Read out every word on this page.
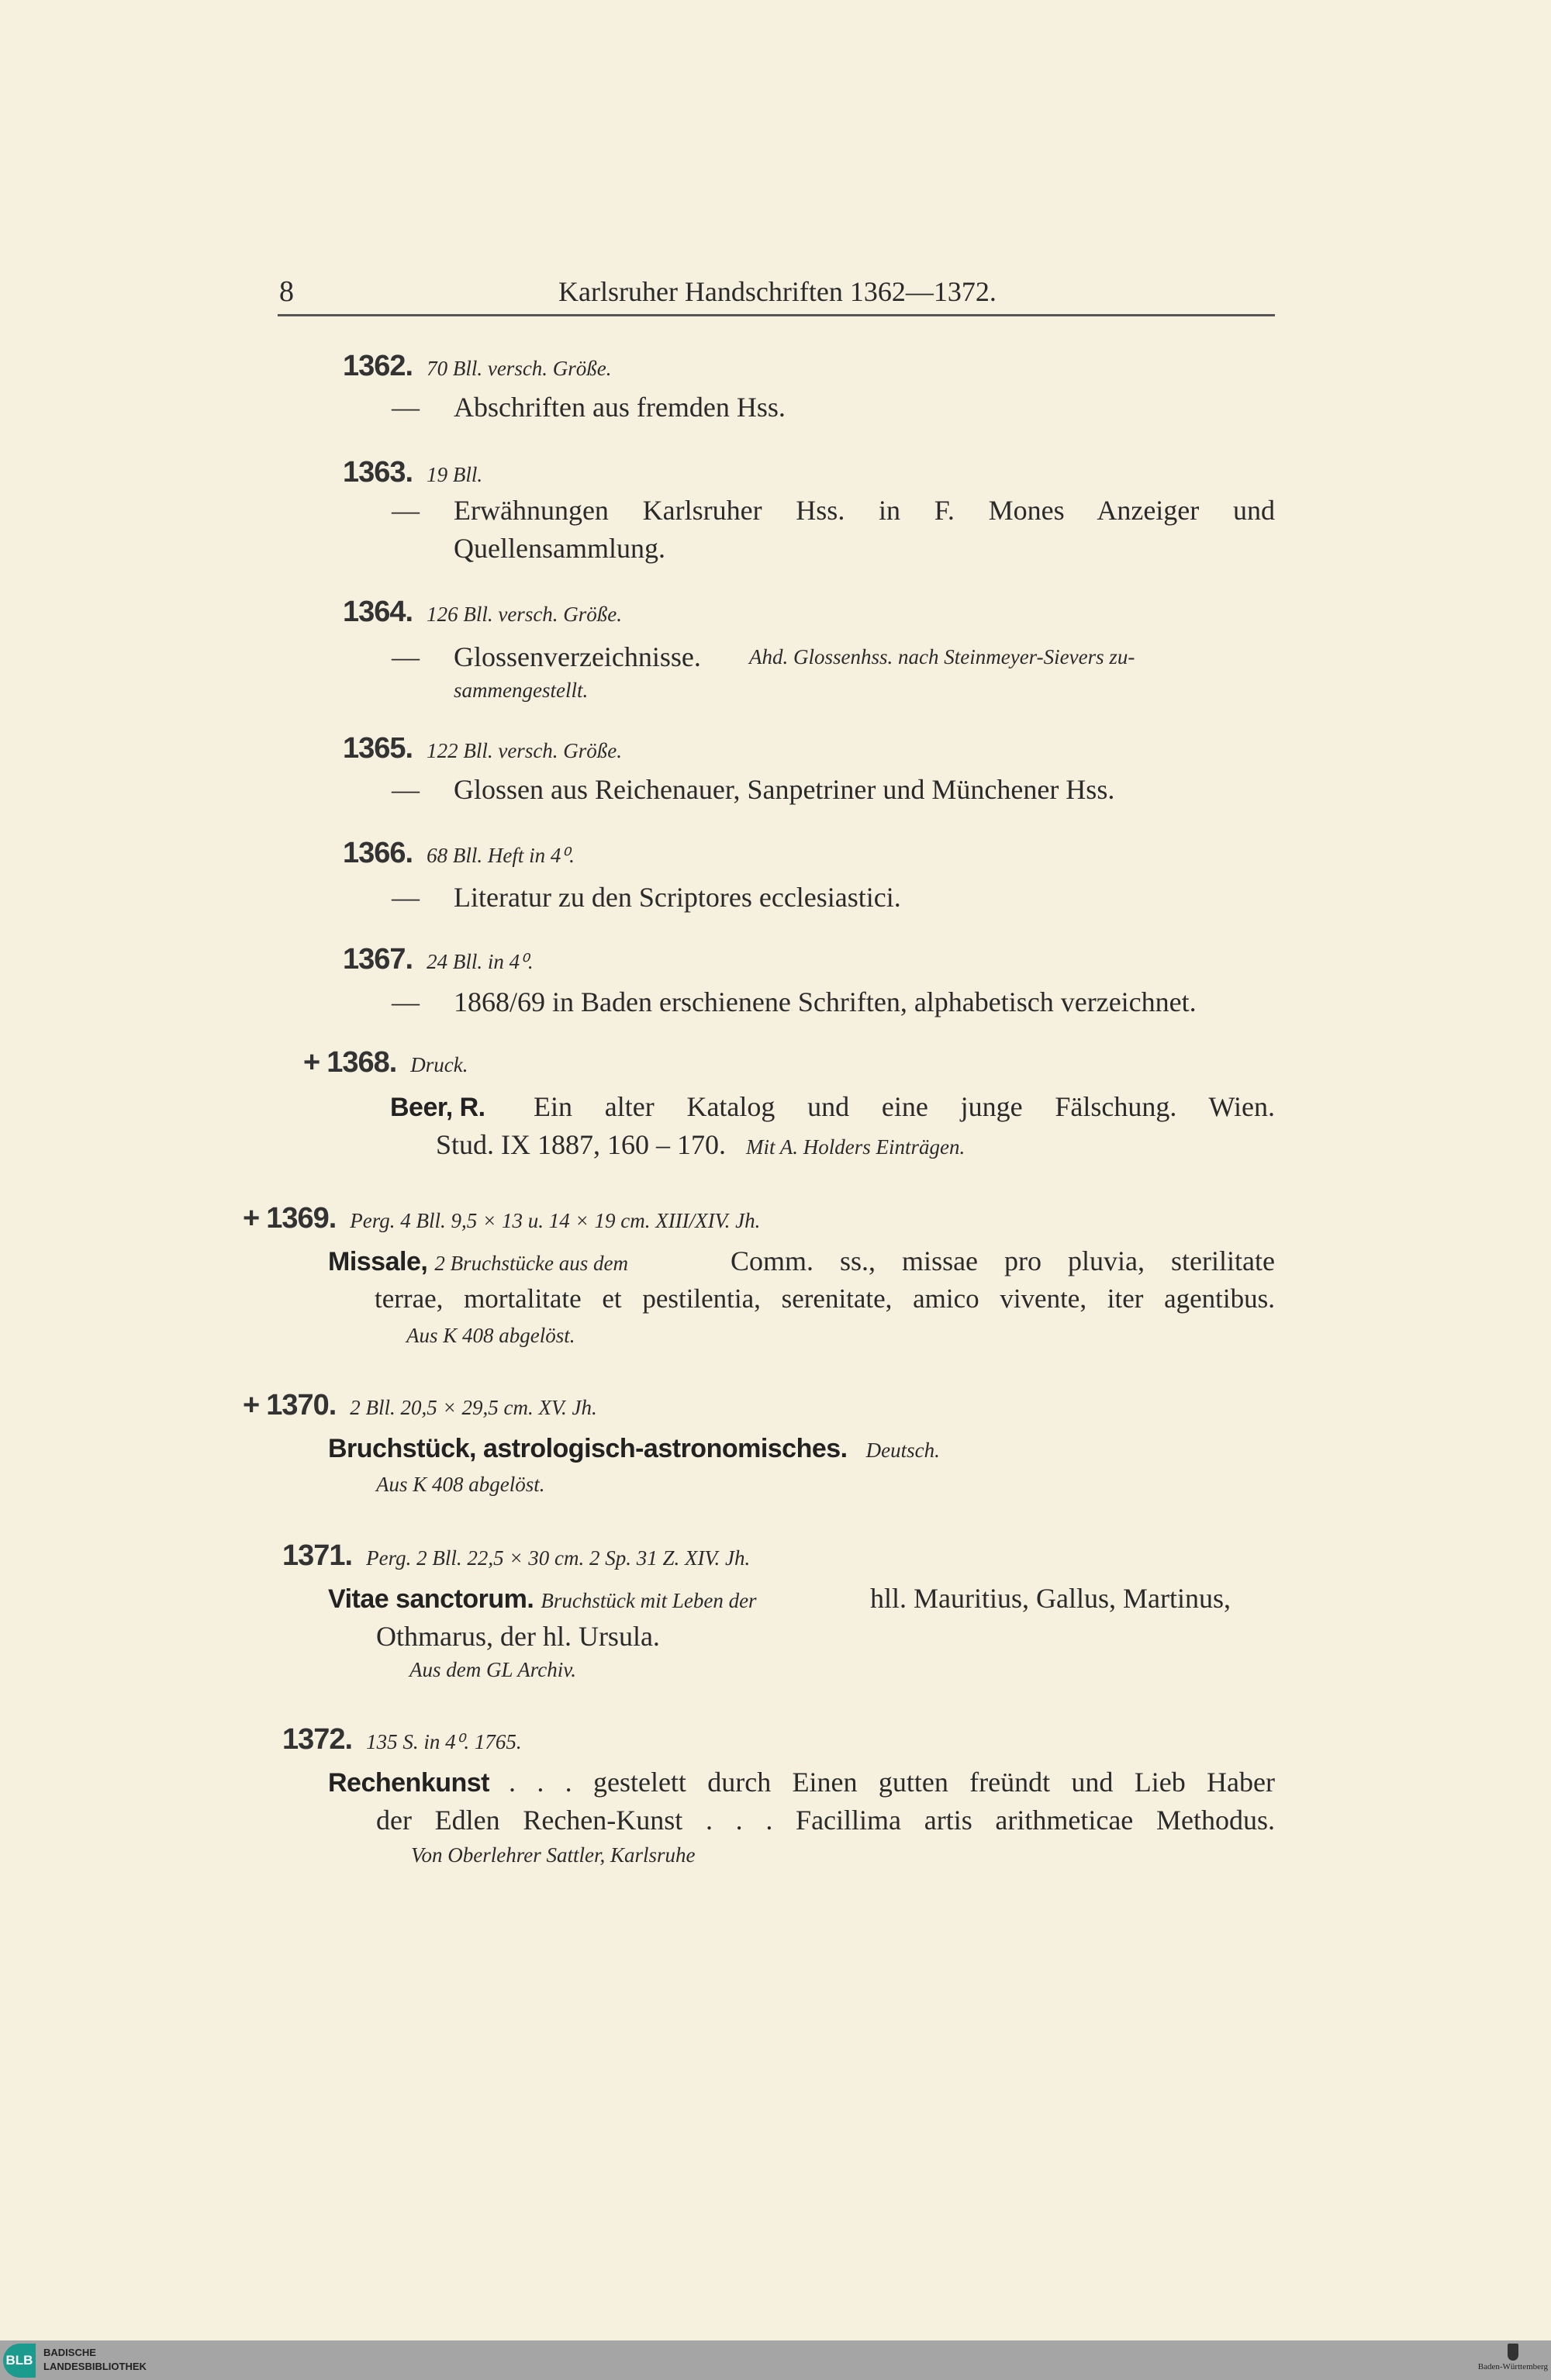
8	Karlsruher Handschriften 1362—1372.
1362. 70 Bll. versch. Größe.
— Abschriften aus fremden Hss.
1363. 19 Bll.
— Erwähnungen Karlsruher Hss. in F. Mones Anzeiger und
Quellensammlung.
1364. 126 Bll. versch. Größe.
— Glossenverzeichnisse. Ahd. Glossenhss. nach Steinmeyer-Sievers zu-
sammengestellt.
1365. 122 Bll. versch. Größe.
— Glossen aus Reichenauer, Sanpetriner und Münchener Hss.
1366. 68 Bll. Heft in 4⁰.
— Literatur zu den Scriptores ecclesiastici.
1367. 24 Bll. in 4⁰.
— 1868/69 in Baden erschienene Schriften, alphabetisch verzeichnet.
+ 1368. Druck.
Beer, R. Ein alter Katalog und eine junge Fälschung. Wien.
Stud. IX 1887, 160 – 170. Mit A. Holders Einträgen.
+ 1369. Perg. 4 Bll. 9,5 × 13 u. 14 × 19 cm. XIII/XIV. Jh.
Missale, 2 Bruchstücke aus dem	Comm. ss., missae pro pluvia, sterilitate
terrae, mortalitate et pestilentia, serenitate, amico vivente, iter agentibus.
Aus K 408 abgelöst.
+ 1370. 2 Bll. 20,5 × 29,5 cm. XV. Jh.
Bruchstück, astrologisch-astronomisches. Deutsch.
Aus K 408 abgelöst.
1371. Perg. 2 Bll. 22,5 × 30 cm. 2 Sp. 31 Z. XIV. Jh.
Vitae sanctorum. Bruchstück mit Leben der	hll. Mauritius, Gallus, Martinus,
Othmarus, der hl. Ursula.
Aus dem GL Archiv.
1372. 135 S. in 4⁰. 1765.
Rechenkunst . . . gestelett durch Einen gutten freündt und Lieb Haber
der Edlen Rechen-Kunst . . . Facillima artis arithmeticae Methodus.
Von Oberlehrer Sattler, Karlsruhe
BLB
BADISCHE
LANDESBIBLIOTHEK	Baden-Württemberg
